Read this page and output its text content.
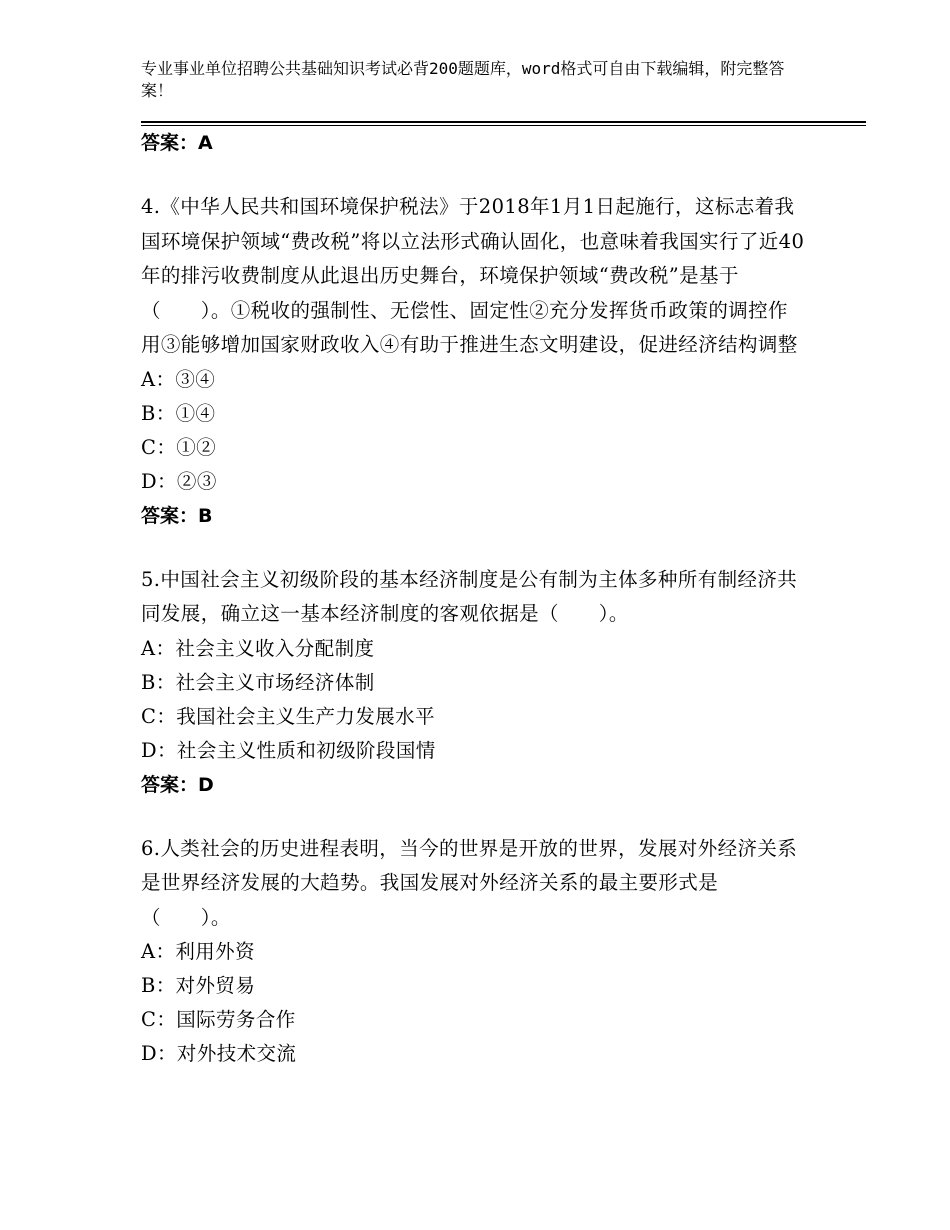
专业事业单位招聘公共基础知识考试必背200题题库，word格式可自由下载编辑，附完整答案！
答案：A
4.《中华人民共和国环境保护税法》于2018年1月1日起施行，这标志着我国环境保护领域“费改税”将以立法形式确认固化，也意味着我国实行了近40年的排污收费制度从此退出历史舞台，环境保护领域“费改税”是基于（　　）。①税收的强制性、无偿性、固定性②充分发挥货币政策的调控作用③能够增加国家财政收入④有助于推进生态文明建设，促进经济结构调整
A：③④
B：①④
C：①②
D：②③
答案：B
5.中国社会主义初级阶段的基本经济制度是公有制为主体多种所有制经济共同发展，确立这一基本经济制度的客观依据是（　　）。
A：社会主义收入分配制度
B：社会主义市场经济体制
C：我国社会主义生产力发展水平
D：社会主义性质和初级阶段国情
答案：D
6.人类社会的历史进程表明，当今的世界是开放的世界，发展对外经济关系是世界经济发展的大趋势。我国发展对外经济关系的最主要形式是（　　）。
A：利用外资
B：对外贸易
C：国际劳务合作
D：对外技术交流
